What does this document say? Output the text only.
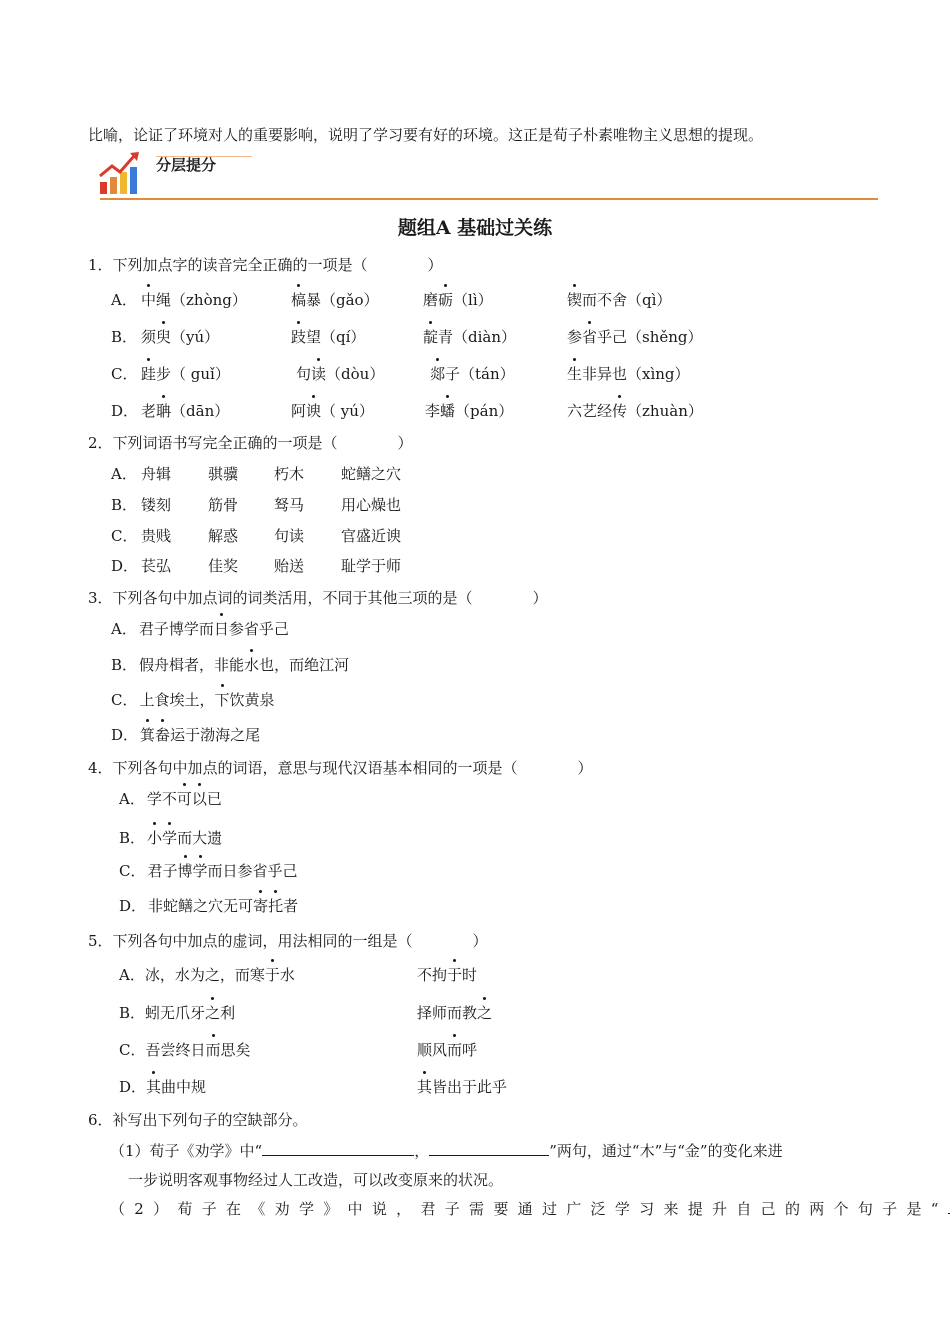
比喻，论证了环境对人的重要影响，说明了学习要有好的环境。这正是荀子朴素唯物主义思想的提现。
分层提分
题组A 基础过关练
1．下列加点字的读音完全正确的一项是（　　　　）
A． 中绳（zhòng）	槁暴（gǎo）	磨砺（lì）	锲而不舍（qì）
B． 须臾（yú）	跂望（qí）	靛青（diàn）	参省乎己（shěng）
C． 跬步（ guǐ）	句读（dòu）	郯子（tán）	生非异也（xìng）
D． 老聃（dān）	阿谀（ yú）	李蟠（pán）	六艺经传（zhuàn）
2．下列词语书写完全正确的一项是（　　　　）
A． 舟辑 骐骥 朽木 蛇鳝之穴
B． 镂刻 筋骨 驽马 用心燥也
C． 贵贱 解惑 句读 官盛近谀
D． 苌弘 佳奖 贻送 耻学于师
3．下列各句中加点词的词类活用，不同于其他三项的是（　　　　）
A． 君子博学而日参省乎己
B． 假舟楫者，非能水也，而绝江河
C． 上食埃土，下饮黄泉
D． 箕畚运于渤海之尾
4．下列各句中加点的词语，意思与现代汉语基本相同的一项是（　　　　）
A． 学不可以已
B． 小学而大遗
C． 君子博学而日参省乎己
D． 非蛇鳝之穴无可寄托者
5．下列各句中加点的虚词，用法相同的一组是（　　　　）
A．冰，水为之，而寒于水	不拘于时
B．蚓无爪牙之利	择师而教之
C．吾尝终日而思矣	顺风而呼
D．其曲中规	其皆出于此乎
6．补写出下列句子的空缺部分。
（1）荀子《劝学》中“	，	”两句，通过“木”与“金”的变化来进
一步说明客观事物经过人工改造，可以改变原来的状况。
（2）荀子在《劝学》中说，君子需要通过广泛学习来提升自己的两个句子是“
